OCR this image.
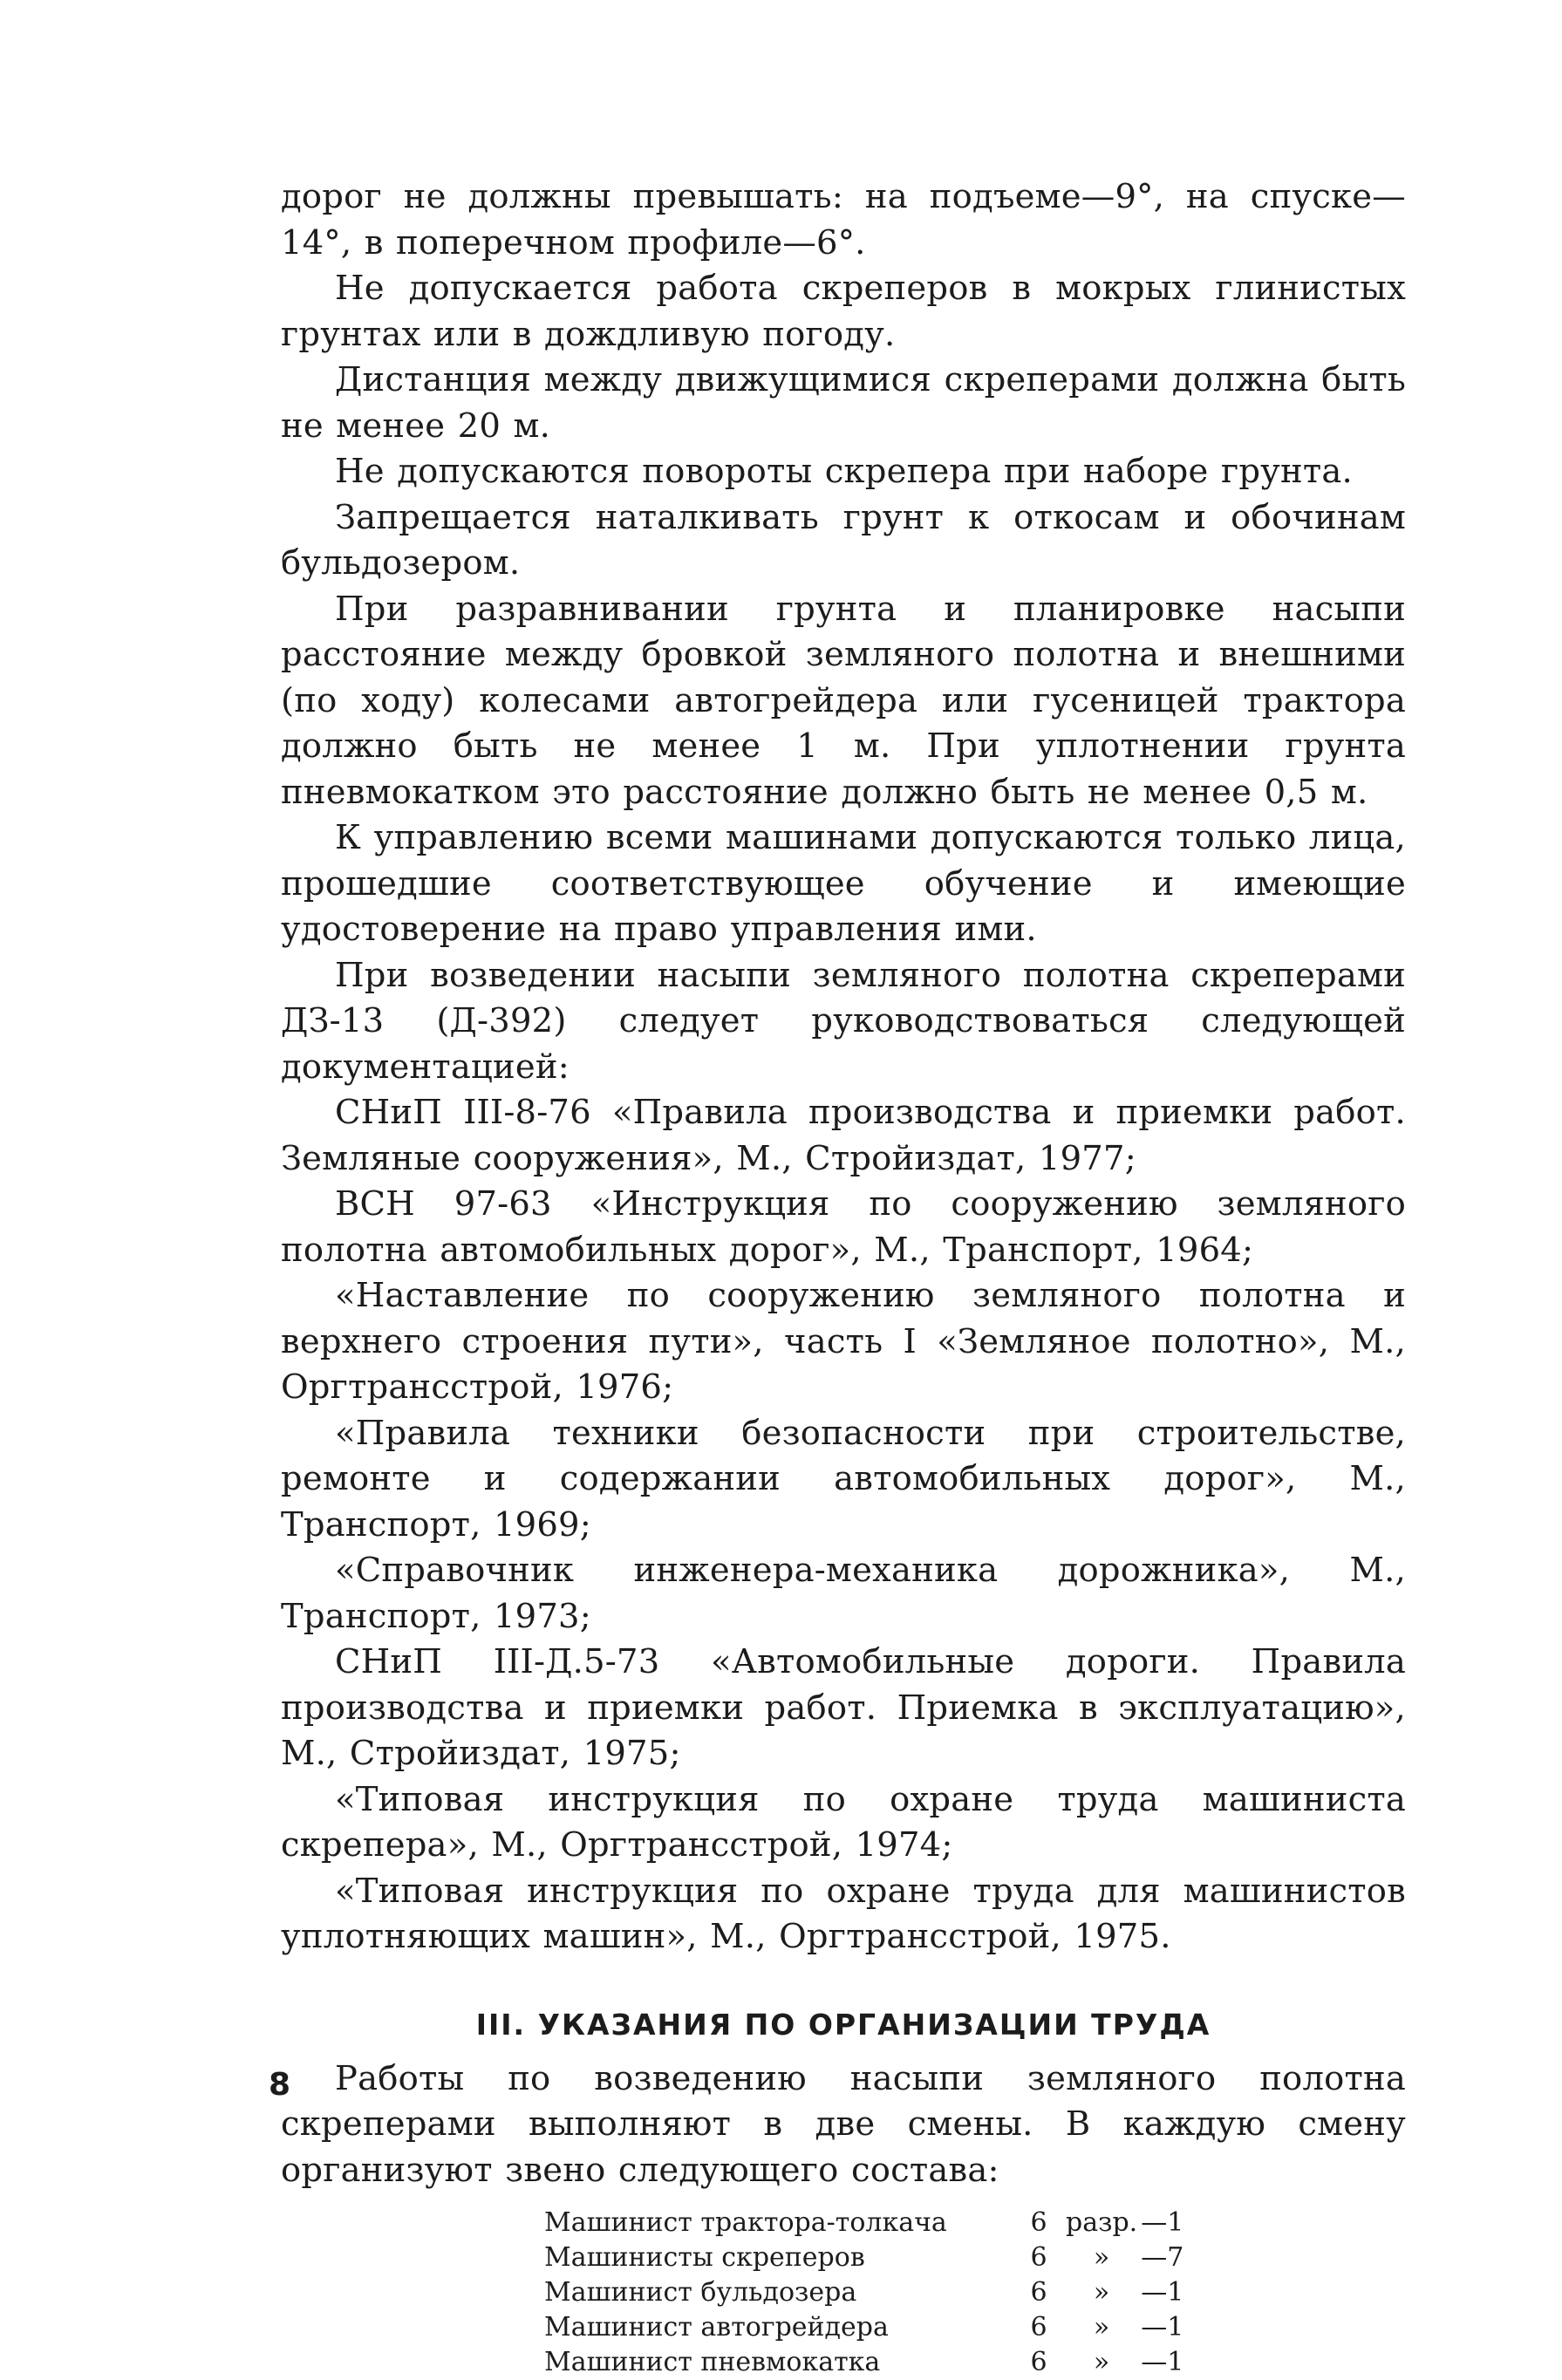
дорог не должны превышать: на подъеме—9°, на спуске—14°, в поперечном профиле—6°.

Не допускается работа скреперов в мокрых глинистых грунтах или в дождливую погоду.

Дистанция между движущимися скреперами должна быть не менее 20 м.

Не допускаются повороты скрепера при наборе грунта.

Запрещается наталкивать грунт к откосам и обочинам бульдозером.

При разравнивании грунта и планировке насыпи расстояние между бровкой земляного полотна и внешними (по ходу) колесами автогрейдера или гусеницей трактора должно быть не менее 1 м. При уплотнении грунта пневмокатком это расстояние должно быть не менее 0,5 м.

К управлению всеми машинами допускаются только лица, прошедшие соответствующее обучение и имеющие удостоверение на право управления ими.

При возведении насыпи земляного полотна скреперами ДЗ-13 (Д-392) следует руководствоваться следующей документацией:

СНиП III-8-76 «Правила производства и приемки работ. Земляные сооружения», М., Стройиздат, 1977;

ВСН 97-63 «Инструкция по сооружению земляного полотна автомобильных дорог», М., Транспорт, 1964;

«Наставление по сооружению земляного полотна и верхнего строения пути», часть I «Земляное полотно», М., Оргтрансстрой, 1976;

«Правила техники безопасности при строительстве, ремонте и содержании автомобильных дорог», М., Транспорт, 1969;

«Справочник инженера-механика дорожника», М., Транспорт, 1973;

СНиП III-Д.5-73 «Автомобильные дороги. Правила производства и приемки работ. Приемка в эксплуатацию», М., Стройиздат, 1975;

«Типовая инструкция по охране труда машиниста скрепера», М., Оргтрансстрой, 1974;

«Типовая инструкция по охране труда для машинистов уплотняющих машин», М., Оргтрансстрой, 1975.

III. УКАЗАНИЯ ПО ОРГАНИЗАЦИИ ТРУДА

Работы по возведению насыпи земляного полотна скреперами выполняют в две смены. В каждую смену организуют звено следующего состава:

Машинист трактора-толкача	6	разр.	—1
Машинисты скреперов	6	»	—7
Машинист бульдозера	6	»	—1
Машинист автогрейдера	6	»	—1
Машинист пневмокатка	6	»	—1
8
